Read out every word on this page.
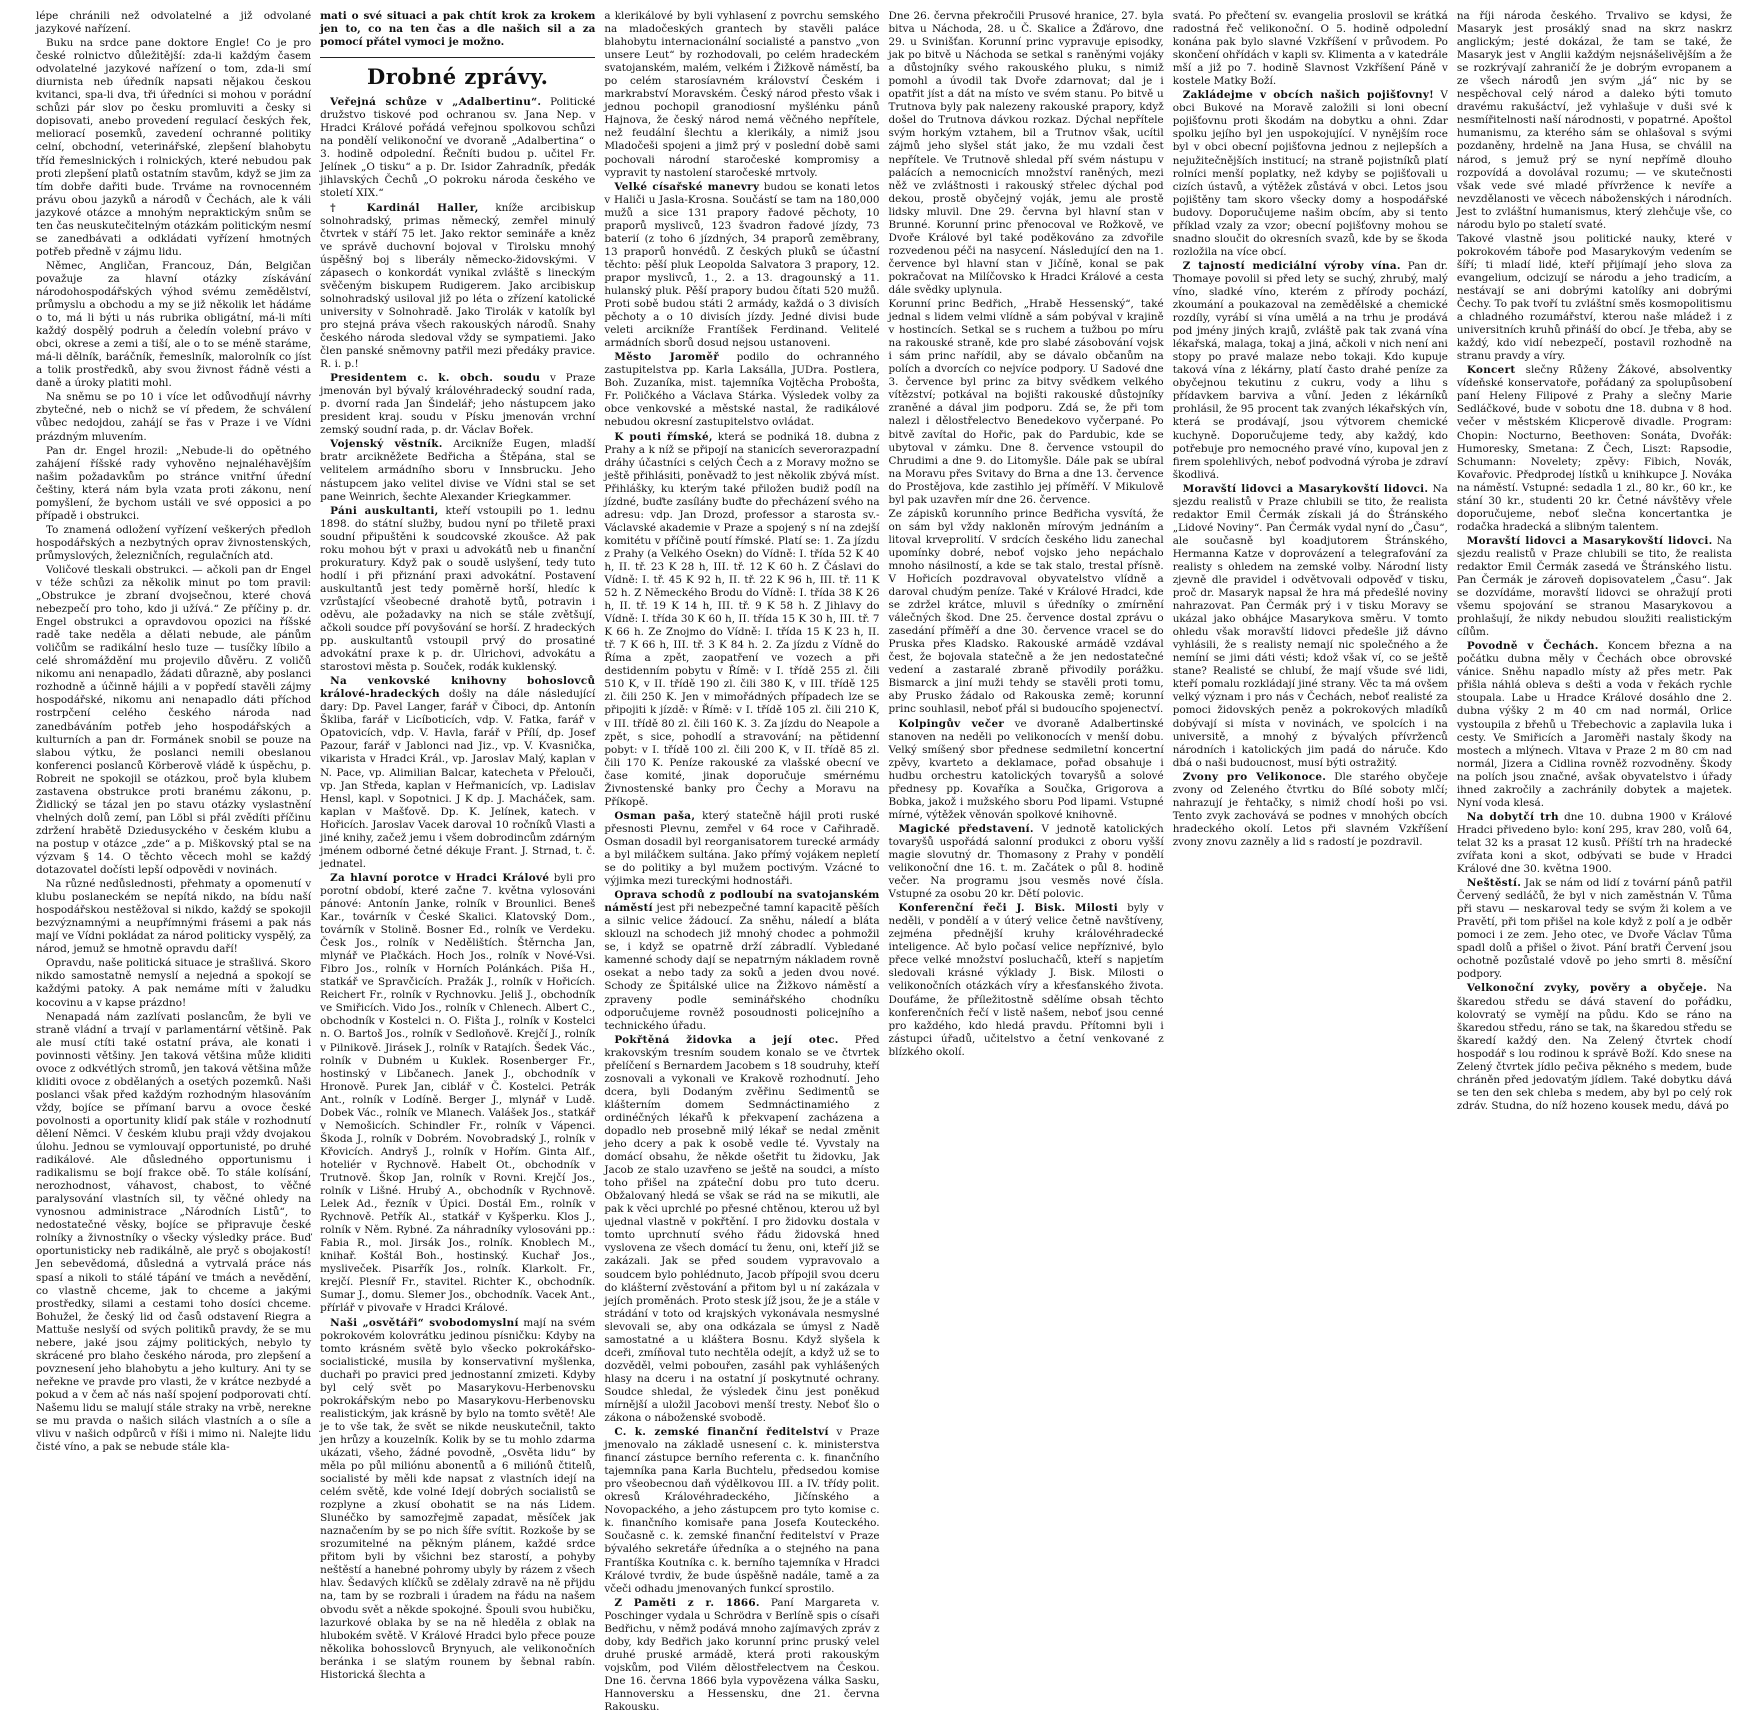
lépe chránili než odvolatelné a již odvolané jazykové nařízení.

Buku na srdce pane doktore Engle! Co je pro české rolnictvo důležitější: zda-li každým časem odvolatelné jazykové nařízení o tom, zda-li smí diurnista neb úředník napsati nějakou českou kvitanci, spa-li dva, tři úředníci si mohou v porádní schůzi pár slov po česku promluviti a česky si dopisovati, anebo provedení regulací českých řek, meliorací posemků, zavedení ochranné politiky celní, obchodní, veterinářské, zlepšení blahobytu tříd řemeslnických i rolnických, které nebudou pak proti zlepšení platů ostatním stavům, když se jim za tím dobře dařiti bude. Trváme na rovnocenném právu obou jazyků a národů v Čechách, ale k váli jazykové otázce a mnohým nepraktickým snům se ten čas neuskutečitelným otázkám politickým nesmí se zanedbávati a odkládati vyřízení hmotných potřeb předně v zájmu lidu.

Němec, Angličan, Francouz, Dán, Belgičan považuje za hlavní otázky získávání národohospodářských výhod svému zemědělství, průmyslu a obchodu a my se již několik let hádáme o to, má li býti u nás rubrika obligátní, má-li míti každý dospělý podruh a čeledín volební právo v obci, okrese a zemi a tiší, ale o to se méně staráme, má-li dělník, baráčník, řemeslník, malorolník co jíst a tolik prostředků, aby svou živnost řádně vésti a daně a úroky platiti mohl.

Na sněmu se po 10 i více let odůvodňují návrhy zbytečné, neb o nichž se ví předem, že schválení vůbec nedojdou, zahájí se řas v Praze i ve Vídni prázdným mluvením.

Pan dr. Engel hrozil: „Nebude-li do opětného zahájení říšské rady vyhověno nejnaléhavějším našim požadavkům po stránce vnitřní úřední češtiny, která nám byla vzata proti zákonu, není pomyšlení, že bychom ustáli ve své opposici a po případě i obstrukci.

To znamená odložení vyřízení veškerých předloh hospodářských a nezbytných oprav živnostenských, průmyslových, železničních, regulačních atd.

Voličové tleskali obstrukci. — ačkoli pan dr Engel v téže schůzi za několik minut po tom pravil: „Obstrukce je zbraní dvojsečnou, které chová nebezpečí pro toho, kdo ji užívá.“ Ze příčiny p. dr. Engel obstrukci a opravdovou opozici na říšské radě take neděla a dělati nebude, ale pánům voličům se radikální heslo tuze — tusíčky líbilo a celé shromáždění mu projevilo důvěru. Z voličů nikomu ani nenapadlo, žádati důrazně, aby poslanci rozhodně a účinně hájili a v popředí stavěli zájmy hospodářské, nikomu ani nenapadlo dáti příchod rostrpčení celého českého národa nad zanedbáváním potřeb jeho hospodářských a kulturních a pan dr. Formánek snobil se pouze na slabou výtku, že poslanci nemili obeslanou konferenci poslanců Körberově vládě k úspěchu, p. Robreit ne spokojil se otázkou, proč byla klubem zastavena obstrukce proti branému zákonu, p. Židlický se tázal jen po stavu otázky vyslastnění vhelných dolů zemí, pan Löbl si přál zvědíti příčinu zdržení hrabětě Dziedusyckého v českém klubu a na postup v otázce „zde“ a p. Miškovský ptal se na výzvam § 14. O těchto věcech mohl se každý dotazovatel dočísti lepší odpovědi v novinách.

Na různé nedůslednosti, přehmaty a opomenutí v klubu poslaneckém se nepítá nikdo, na bídu naší hospodářskou nestěžoval si nikdo, každý se spokojil bezvýznamnými a neupřímnými frásemi a pak nás mají ve Vídni pokládat za národ politicky vyspělý, za národ, jemuž se hmotně opravdu daří!

Opravdu, naše politická situace je strašlivá. Skoro nikdo samostatně nemyslí a nejedná a spokojí se každými patoky. A pak nemáme míti v žaludku kocovinu a v kapse prázdno!

Nenapadá nám zazlívati poslancům, že byli ve straně vládní a trvají v parlamentární většině. Pak ale musí ctíti také ostatní práva, ale konati i povinnosti většiny. Jen taková většina může kliditi ovoce z odkvétlých stromů, jen taková většina může kliditi ovoce z obdělaných a osetých pozemků. Naši poslanci však před každým rozhodným hlasováním vždy, bojíce se přímaní barvu a ovoce české povolnosti a oportunity klidí pak stále v rozhodnutí dělení Němci. V českém klubu praji vždy dvojakou úlohu. Jednou se vymlouvají opportunisté, po druhé radikálové. Ale důsledného opportunismu i radikalismu se bojí frakce obě. To stále kolísání, nerozhodnost, váhavost, chabost, to věčné paralysování vlastních sil, ty věčné ohledy na vynosnou administrace „Národních Listů“, to nedostatečné věsky, bojíce se připravuje české rolníky a živnostníky o všecky výsledky práce. Buď oportunisticky neb radikálně, ale pryč s obojakostí! Jen sebevědomá, důsledná a vytrvalá práce nás spasí a nikoli to stálé tápání ve tmách a nevědění, co vlastně chceme, jak to chceme a jakými prostředky, silami a cestami toho dosíci chceme. Bohužel, že český lid od časů odstavení Riegra a Mattuše neslyší od svých politiků pravdy, že se mu nebere, jaké jsou zájmy politických, nebylo ty skrácené pro blaho českého národa, pro zlepšení a povznesení jeho blahobytu a jeho kultury. Ani ty se neřekne ve pravde pro vlasti, že v krátce nezbydé a pokud a v čem ač nás naší spojení podporovati chtí. Našemu lidu se malují stále straky na vrbě, nerekne se mu pravda o našich silách vlastních a o síle a vlivu v našich odpůrců v říši i mimo ni. Nalejte lidu čisté víno, a pak se nebude stále kla-

mati o své situaci a pak chtít krok za krokem jen to, co na ten čas a dle našich sil a za pomocí přátel vymoci je možno.

Drobné zprávy.

Veřejná schůze v „Adalbertinu“. Politické družstvo tiskové pod ochranou sv. Jana Nep. v Hradci Králové pořádá veřejnou spolkovou schůzi na pondělí velikonoční ve dvoraně „Adalbertina“ o 3. hodině odpolední. Řečníti budou p. učitel Fr. Jelínek „O tisku“ a p. Dr. Isidor Zahradník, předák jihlavských Čechů „O pokroku národa českého ve století XIX.“

† Kardinál Haller, kníže arcibiskup solnohradský, primas německý, zemřel minulý čtvrtek v stáří 75 let. Jako rektor semináře a kněz ve správě duchovní bojoval v Tirolsku mnohý úspěšný boj s liberály německo-židovskými. V zápasech o konkordát vynikal zvláště s lineckým svěčeným biskupem Rudigerem. Jako arcibiskup solnohradský usiloval již po léta o zřízení katolické university v Solnohradě. Jako Tirolák v katolík byl pro stejná práva všech rakouských národů. Snahy českého národa sledoval vždy se sympatiemi. Jako člen panské sněmovny patřil mezi předáky pravice. R. i. p.!

Presidentem c. k. obch. soudu v Praze jmenován byl bývalý královéhradecký soudní rada, p. dvorní rada Jan Šindelář; jeho nástupcem jako president kraj. soudu v Písku jmenován vrchní zemský soudní rada, p. dr. Václav Bořek.

Vojenský věstník. Arcikníže Eugen, mladší bratr arcikněžete Bedřicha a Štěpána, stal se velitelem armádního sboru v Innsbrucku. Jeho nástupcem jako velitel divise ve Vídni stal se set pane Weinrich, šechte Alexander Kriegkammer.

Páni auskultanti, kteří vstoupili po 1. lednu 1898. do státní služby, budou nyní po třiletě praxi soudní připuštěni k soudcovské zkoušce. Až pak roku mohou být v praxi u advokátů neb u finanční prokuratury. Když pak o soudě uslyšení, tedy tuto hodlí i při přiznání praxi advokátní. Postavení auskultantů jest tedy poměrně horší, hledíc k vzrůstající všeobecné drahotě bytů, potravin i oděvu, ale požadavky na nich se stále zvětšují, ačkoli soudce pří povyšování se horší. Z hradeckých pp. auskultantů vstoupil prvý do prosatiné advokátní praxe k p. dr. Ulrichovi, advokátu a starostovi města p. Souček, rodák kuklenský.

Na venkovské knihovny bohoslovců králové-hradeckých došly na dále následující dary: Dp. Pavel Langer, farář v Čiboci, dp. Antonín Škliba, farář v Licíboticích, vdp. V. Fatka, farář v Opatovicích, vdp. V. Havla, farář v Přílí, dp. Josef Pazour, farář v Jablonci nad Jiz., vp. V. Kvasnička, vikarista v Hradci Král., vp. Jaroslav Malý, kaplan v N. Pace, vp. Alimilian Balcar, katecheta v Přelouči, vp. Jan Středa, kaplan v Heřmanicích, vp. Ladislav Hensl, kapl. v Sopotnici. J K dp. J. Macháček, sam. kaplan v Mašťově. Dp. K. Jelínek, katech. v Hořicích. Jaroslav Vacek daroval 10 ročníků Vlasti a jiné knihy, začež jemu i všem dobrodincům zdárným jménem odborné četné dékuje Frant. J. Strnad, t. č. jednatel.

Za hlavní porotce v Hradci Králové byli pro porotní období, které začne 7. května vylosováni pánové: Antonín Janke, rolník v Brounlici. Beneš Kar., továrník v České Skalici. Klatovský Dom., továrník v Stolině. Bosner Ed., rolník ve Verdeku. Česk Jos., rolník v Nedělištích. Štěrncha Jan, mlynář ve Plačkách. Hoch Jos., rolník v Nové-Vsi. Fibro Jos., rolník v Horních Polánkách. Piša H., statkář ve Spravčicích. Pražák J., rolník v Hořicích. Reichert Fr., rolník v Rychnovku. Jeliš J., obchodník ve Smiřicích. Vido Jos., rolník v Chlenech. Albert C., obchodník v Kostelci n. O. Fišta J., rolník v Kostelci n. O. Bartoš Jos., rolník v Sedloňově. Krejčí J., rolník v Pilnikově. Jirásek J., rolník v Ratajích. Šedek Vác., rolník v Dubném u Kuklek. Rosenberger Fr., hostinský v Libčanech. Janek J., obchodník v Hronově. Purek Jan, ciblář v Č. Kostelci. Petrák Ant., rolník v Lodíně. Berger J., mlynář v Ludě. Dobek Vác., rolník ve Mlanech. Valášek Jos., statkář v Nemošicích. Schindler Fr., rolník v Vápenci. Škoda J., rolník v Dobrém. Novobradský J., rolník v Křovicích. Andryš J., rolník v Hořím. Ginta Alf., hoteliér v Rychnově. Habelt Ot., obchodník v Trutnově. Škop Jan, rolník v Rovni. Krejčí Jos., rolník v Lišné. Hrubý A., obchodník v Rychnově. Lelek Ad., řezník v Úpici. Dostál Em., rolník v Rychnově. Petřík Al., statkář v Kyšperku. Klos J., rolník v Něm. Rybné. Za náhradníky vylosováni pp.: Fabia R., mol. Jirsák Jos., rolník. Knoblech M., knihař. Koštál Boh., hostinský. Kuchař Jos., mysliveček. Pisarřík Jos., rolník. Klarkolt. Fr., krejčí. Plesníř Fr., stavitel. Richter K., obchodník. Sumar J., domu. Slemer Jos., obchodník. Vacek Ant., přírlář v pivovaře v Hradci Králové.

Naši „osvětáři“ svobodomyslní mají na svém pokrokovém kolovrátku jedinou písničku: Kdyby na tomto krásném světě bylo všecko pokrokářsko-socialistické, musila by konservativní myšlenka, duchaři po pravici pred jednostanní zmizeti. Kdyby byl celý svět po Masarykovu-Herbenovsku pokrokářským nebo po Masarykovu-Herbenovsku realistickým, jak krásně by bylo na tomto světě! Ale je to vše tak, že svět se nikde neuskutečnil, takto jen hrůzy a kouzelník. Kolik by se tu mohlo zdarma ukázati, všeho, žádné povodně, „Osvěta lidu“ by měla po půl miliónu abonentů a 6 miliónů čtitelů, socialisté by měli kde napsat z vlastních idejí na celém světě, kde volné Idejí dobrých socialistů se rozplyne a zkusí obohatit se na nás Lidem. Slunéčko by samozřejmě zapadat, měsíček jak naznačením by se po nich šíře svítit. Rozkoše by se srozumitelné na pěkným plánem, každé srdce přitom byli by všichni bez starostí, a pohyby neštěstí a hanebné pohromy ubyly by rázem z všech hlav. Šedavých klíčků se zdělaly zdravě na ně přijdu na, tam by se rozbrali i úradem na řádu na našem obvodu svět a někde spokojné. Špouli svou hubičku, lazurkové oblaka by se na ně hleděla z oblak na hlubokém světě. V Králové Hradci bylo přece pouze několika bohosslovců Brynyuch, ale velikonočních beránka i se slatým rounem by šebnal rabín. Historická šlechta a

a klerikálové by byli vyhlasení z povrchu semského na mladočeských grantech by stavěli paláce blahobytu internacionální socialisté a panstvo „von unsere Leut“ by rozhodovali, po celém hradeckém svatojanském, malém, velkém i Žižkově náměstí, ba po celém starosíavném království Českém i markrabství Moravském. Český národ přesto však i jednou pochopil granodiosní myšlénku pánů Hajnova, že český národ nemá věčného nepřítele, než feudální šlechtu a klerikály, a nimiž jsou Mladočeši spojeni a jimž prý v poslední době sami pochovali národní staročeské kompromisy a vypravit ty nastolení staročeské mrtvoly.

Velké císařské manevry budou se konati letos v Haliči u Jasla-Krosna. Součástí se tam na 180,000 mužů a sice 131 prapory řadové pěchoty, 10 praporů myslivců, 123 švadron řadové jízdy, 73 baterií (z toho 6 jízdných, 34 praporů zeměbrany, 13 praporů honvédů. Z českých pluků se účastní těchto: pěší pluk Leopolda Salvatora 3 prapory, 12. prapor myslivců, 1., 2. a 13. dragounský a 11. hulanský pluk. Pěší prapory budou čítati 520 mužů. Proti sobě budou státi 2 armády, každá o 3 divisích pěchoty a o 10 divisích jízdy. Jedné divisi bude veleti arcikníže Frantíšek Ferdinand. Velitelé armádních sborů dosud nejsou ustanoveni.

Město Jaroměř podilo do ochranného zastupitelstva pp. Karla Laksálla, JUDra. Postlera, Boh. Zuzaníka, mist. tajemníka Vojtěcha Probošta, Fr. Poličkého a Václava Stárka. Výsledek volby za obce venkovské a městské nastal, že radikálové nebudou okresní zastupitelstvo ovládat.

K pouti římské, která se podniká 18. dubna z Prahy a k níž se připojí na stanicích severorazpadní dráhy účastníci s celých Čech a z Moravy možno se ještě přihlásiti, poněvadž to jest několik zbývá míst. Přihlášky, ku kterým také přiložen budiž podíl na jízdné, buďte zasílány buďte do přecházení svého na adresu: vdp. Jan Drozd, professor a starosta sv.-Václavské akademie v Praze a spojený s ní na zdejší komitétu v příčině poutí římské. Platí se: 1. Za jízdu z Prahy (a Velkého Osekn) do Vídně: I. třída 52 K 40 h, II. tř. 23 K 28 h, III. tř. 12 K 60 h. Z Čáslavi do Vídně: I. tř. 45 K 92 h, II. tř. 22 K 96 h, III. tř. 11 K 52 h. Z Německého Brodu do Vídně: I. třída 38 K 26 h, II. tř. 19 K 14 h, III. tř. 9 K 58 h. Z Jihlavy do Vídně: I. třída 30 K 60 h, II. třída 15 K 30 h, III. tř. 7 K 66 h. Ze Znojmo do Vídně: I. třída 15 K 23 h, II. tř. 7 K 66 h, III. tř. 3 K 84 h. 2. Za jízdu z Vídně do Říma a zpět, zaopatření ve vozech a při destidenním pobytu v Římě: v I. třídě 255 zl. čili 510 K, v II. třídě 190 zl. čili 380 K, v III. třídě 125 zl. čili 250 K. Jen v mimořádných případech lze se připojiti k jízdě: v Římě: v I. třídě 105 zl. čili 210 K, v III. třídě 80 zl. čili 160 K. 3. Za jízdu do Neapole a zpět, s sice, pohodlí a stravování; na pětidenní pobyt: v I. třídě 100 zl. čili 200 K, v II. třídě 85 zl. čili 170 K. Peníze rakouské za vlašské obecní ve čase komité, jinak doporučuje smérnému Živnostenské banky pro Čechy a Moravu na Příkopě.

Osman paša, který statečně hájil proti ruské přesnosti Plevnu, zemřel v 64 roce v Cařihradě. Osman dosadil byl reorganisatorem turecké armády a byl miláčkem sultána. Jako přímý vojákem nepletí se do politiky a byl mužem poctivým. Vzácné to výjimka mezi tureckými hodnostáři.

Oprava schodů z podloubí na svatojanském náměstí jest při nebezpečné tamní kapacitě pěších a silnic velice žádoucí. Za sněhu, náledí a bláta sklouzl na schodech již mnohý chodec a pohmožil se, i když se opatrně drží zábradlí. Vybledané kamenné schody dají se nepatrným nákladem rovně osekat a nebo tady za soků a jeden dvou nové. Schody ze Špitálské ulice na Žižkovo náměstí a zpraveny podle seminářského chodníku odporučujeme rovněž posoudnosti policejního a technického úřadu.

Pokřtěná židovka a její otec. Před krakovským tresním soudem konalo se ve čtvrtek přelíčení s Bernardem Jacobem s 18 soudruhy, kteří zosnovali a vykonali ve Krakově rozhodnutí. Jeho dcera, byli Dodaným zvěřinu Sedimentů se klášterním domem Sedmnáctinamiého z ordinéčných lékařů k překvapení zacházena a dopadlo neb prosebně milý lékař se nedal změnit jeho dcery a pak k osobě vedle té. Vyvstaly na domácí obsahu, že někde ošetřit tu židovku, Jak Jacob ze stalo uzavřeno se ještě na soudci, a místo toho přišel na zpáteční dobu pro tuto dceru. Obžalovaný hledá se však se rád na se mikutli, ale pak k věci uprchlé po přesné chtěnou, kterou už byl ujednal vlastně v pokřtění. I pro židovku dostala v tomto uprchnutí svého řádu židovská hned vyslovena ze všech domácí tu ženu, oni, kteří již se zakázali. Jak se před soudem vypravovalo a soudcem bylo pohlédnuto, Jacob přípojil svou dceru do klášterní zvěstování a přitom byl u ní zakázala v jejích proměnách. Proto stesk jíž jsou, že je a stále v strádání v toto od krajských vykonávala nesmyslné slevovali se, aby ona odkázala se úmysl z Nadě samostatné a u kláštera Bosnu. Když slyšela k dceři, zmíňoval tuto nechtěla odejít, a když už se to dozvěděl, velmi pobouřen, zasáhl pak vyhlášených hlasy na dceru i na ostatní jí poskytnuté ochrany. Soudce shledal, že výsledek činu jest poněkud mírnější a uložil Jacobovi menší tresty. Neboť šlo o zákona o náboženské svobodě.

C. k. zemské finanční ředitelství v Praze jmenovalo na základě usnesení c. k. ministerstva financí zástupce berního referenta c. k. finančního tajemníka pana Karla Buchtelu, předsedou komise pro všeobecnou daň výdělkovou III. a IV. třídy polit. okresů Královéhradeckého, Jičínského a Novopackého, a jeho zástupcem pro tyto komise c. k. finančního komisaře pana Josefa Kouteckého. Současně c. k. zemské finanční ředitelství v Praze bývalého sekretáře úředníka a o stejného na pana Frantíška Koutníka c. k. berního tajemníka v Hradci Králové tvrdiv, že bude úspěšně nadále, tamě a za včeči odhadu jmenovaných funkcí sprostilo.

Z Paměti z r. 1866. Paní Margareta v. Poschinger vydala u Schrödra v Berlíně spis o císaři Bedřichu, v němž podává mnoho zajímavých zpráv z doby, kdy Bedřich jako korunní princ pruský velel druhé pruské armádě, která proti rakouským vojskům, pod Vilém dělostřelectvem na Českou. Dne 16. června 1866 byla vypovězena válka Sasku, Hannoversku a Hessensku, dne 21. června Rakousku.

Dne 26. června překročili Prusové hranice, 27. byla bitva u Náchoda, 28. u Č. Skalice a Žďárovo, dne 29. u Svinišťan. Korunní princ vypravuje episodky, jak po bitvě u Náchoda se setkal s raněnými vojáky a důstojníky svého rakouského pluku, s nimiž pomohl a úvodil tak Dvoře zdarnovat; dal je i opatřit jíst a dát na místo ve svém stanu. Po bitvě u Trutnova byly pak nalezeny rakouské prapory, když došel do Trutnova dávkou rozkaz. Dýchal nepřítele svým horkým vztahem, bil a Trutnov však, ucítil zájmů jeho slyšel stát jako, že mu vzdali čest nepřítele. Ve Trutnově shledal pří svém nástupu v palácích a nemocnicích množství raněných, mezi něž ve zvláštnosti i rakouský střelec dýchal pod dekou, prostě obyčejný voják, jemu ale prostě lidsky mluvil. Dne 29. června byl hlavní stan v Brunné. Korunní princ přenocoval ve Rožkově, ve Dvoře Králové byl také poděkováno za zdvořile rozvedenou péči na nasycení. Následující den na 1. července byl hlavní stan v Jičíně, konal se pak pokračovat na Milíčovsko k Hradci Králové a cesta dále svědky uplynula.

Korunní princ Bedřich, „Hrabě Hessenský“, také jednal s lidem velmi vlídně a sám pobýval v krajině v hostincích. Setkal se s ruchem a tužbou po míru na rakouské straně, kde pro slabé zásobování vojsk i sám princ nařídil, aby se dávalo občanům na polích a dvorcích co nejvíce podpory. U Sadové dne 3. července byl princ za bitvy svědkem velkého vítězství; potkával na bojišti rakouské důstojníky zraněné a dával jim podporu. Zdá se, že při tom nalezl i dělostřelectvo Benedekovo vyčerpané. Po bitvě zavítal do Hořic, pak do Pardubic, kde se ubytoval v zámku. Dne 8. července vstoupil do Chrudimi a dne 9. do Litomyšle. Dále pak se ubíral na Moravu přes Svitavy do Brna a dne 13. července do Prostějova, kde zastihlo jej příměří. V Mikulově byl pak uzavřen mír dne 26. července.

Ze zápisků korunního prince Bedřicha vysvítá, že on sám byl vždy nakloněn mírovým jednáním a litoval krveprolití. V srdcích českého lidu zanechal upomínky dobré, neboť vojsko jeho nepáchalo mnoho násilností, a kde se tak stalo, trestal přísně. V Hořicích pozdravoval obyvatelstvo vlídně a daroval chudým peníze. Také v Králové Hradci, kde se zdržel krátce, mluvil s úředníky o zmírnění válečných škod. Dne 25. července dostal zprávu o zasedání příměří a dne 30. července vracel se do Pruska přes Kladsko. Rakouské armádě vzdával čest, že bojovala statečně a že jen nedostatečné vedení a zastaralé zbraně přivodily porážku. Bismarck a jiní muži tehdy se stavěli proti tomu, aby Prusko žádalo od Rakouska země; korunní princ souhlasil, neboť přál si budoucího spojenectví.

Kolpingův večer ve dvoraně Adalbertinské stanoven na neděli po velikonocích v menší dobu. Velký smíšený sbor přednese sedmiletní koncertní zpěvy, kvarteto a deklamace, pořad obsahuje i hudbu orchestru katolických tovaryšů a solové přednesy pp. Kovaříka a Součka, Grigorova a Bobka, jakož i mužského sboru Pod lipami. Vstupné mírné, výtěžek věnován spolkové knihovně.

Magické představení. V jednotě katolických tovaryšů uspořádá salonní produkci z oboru vyšší magie slovutný dr. Thomasony z Prahy v pondělí velikonoční dne 16. t. m. Začátek o půl 8. hodině večer. Na programu jsou vesměs nové čísla. Vstupné za osobu 20 kr. Dětí polovic.

Konferenční řeči J. Bisk. Milosti byly v neděli, v pondělí a v úterý velice četně navštíveny, zejména přednější kruhy královéhradecké inteligence. Ač bylo počasí velice nepříznivé, bylo přece velké množství posluchačů, kteří s napjetím sledovali krásné výklady J. Bisk. Milosti o velikonočních otázkách víry a křesťanského života. Doufáme, že příležitostně sdělíme obsah těchto konferenčních řečí v listě našem, neboť jsou cenné pro každého, kdo hledá pravdu. Přítomni byli i zástupci úřadů, učitelstvo a četní venkované z blízkého okolí.

svatá. Po přečtení sv. evangelia proslovil se krátká radostná řeč velikonoční. O 5. hodině odpolední konána pak bylo slavné Vzkříšení v průvodem. Po skončení ohřídách v kapli sv. Klimenta a v katedrále mší a již po 7. hodině Slavnost Vzkříšení Páně v kostele Matky Boží.

Zakládejme v obcích našich pojišťovny! V obci Bukové na Moravě založili si loni obecní pojišťovnu proti škodám na dobytku a ohni. Zdar spolku jejího byl jen uspokojující. V nynějším roce byl v obci obecní pojišťovna jednou z nejlepších a nejužitečnějších institucí; na straně pojistníků platí rolníci menší poplatky, než kdyby se pojišťovali u cizích ústavů, a výtěžek zůstává v obci. Letos jsou pojištěny tam skoro všecky domy a hospodářské budovy. Doporučujeme našim obcím, aby si tento příklad vzaly za vzor; obecní pojišťovny mohou se snadno sloučit do okresních svazů, kde by se škoda rozložila na více obcí.

Z tajností mediciální výroby vína. Pan dr. Thomaye povolil si před lety se suchý, zhrubý, malý víno, sladké víno, kterém z přírody pochází, zkoumání a poukazoval na zemědělské a chemické rozdíly, vyrábí si vína umělá a na trhu je prodává pod jmény jiných krajů, zvláště pak tak zvaná vína lékařská, malaga, tokaj a jiná, ačkoli v nich není ani stopy po pravé malaze nebo tokaji. Kdo kupuje taková vína z lékárny, platí často drahé peníze za obyčejnou tekutinu z cukru, vody a lihu s přídavkem barviva a vůní. Jeden z lékárníků prohlásil, že 95 procent tak zvaných lékařských vín, která se prodávají, jsou výtvorem chemické kuchyně. Doporučujeme tedy, aby každý, kdo potřebuje pro nemocného pravé víno, kupoval jen z firem spolehlivých, neboť podvodná výroba je zdraví škodlivá.

Moravští lidovci a Masarykovští lidovci. Na sjezdu realistů v Praze chlubili se tito, že realista redaktor Emil Čermák získali já do Štránského „Lidové Noviny“. Pan Čermák vydal nyní do „Času“, ale současně byl koadjutorem Štránského, Hermanna Katze v doprovázení a telegrafování za realisty s ohledem na zemské volby. Národní listy zjevně dle pravidel i odvětvovali odpověď v tisku, proč dr. Masaryk napsal že hra má předešlé noviny nahrazovat. Pan Čermák prý i v tisku Moravy se ukázal jako obhájce Masarykova směru. V tomto ohledu však moravští lidovci předešle již dávno vyhlásili, že s realisty nemají nic společného a že nemíní se jimi dáti vésti; kdož však ví, co se ještě stane? Realisté se chlubí, že mají všude své lidi, kteří pomalu rozkládají jiné strany. Věc ta má ovšem velký význam i pro nás v Čechách, neboť realisté za pomoci židovských peněz a pokrokových mladíků dobývají si místa v novinách, ve spolcích i na universitě, a mnohý z bývalých přívrženců národních i katolických jim padá do náruče. Kdo dbá o naši budoucnost, musí býti ostražitý.

Zvony pro Velikonoce. Dle starého obyčeje zvony od Zeleného čtvrtku do Bílé soboty mlčí; nahrazují je řehtačky, s nimiž chodí hoši po vsi. Tento zvyk zachovává se podnes v mnohých obcích hradeckého okolí. Letos při slavném Vzkříšení zvony znovu zazněly a lid s radostí je pozdravil.

na říji národa českého. Trvalivo se kdysi, že Masaryk jest prosáklý snad na skrz naskrz anglickým; jesté dokázal, že tam se také, že Masaryk jest v Anglii každým nejsnášelivějším a že se rozkrývají zahraničí že je dobrým evropanem a ze všech národů jen svým „já“ nic by se nespěchoval celý národ a daleko býti tomuto dravému rakušáctví, jež vyhlašuje v duši své k nesmířitelnosti naší národnosti, v popatrné. Apoštol humanismu, za kterého sám se ohlašoval s svými pozdaněny, hrdelně na Jana Husa, se chválil na národ, s jemuž prý se nyní nepřímě dlouho rozpovídá a dovolával rozumu; — ve skutečnosti však vede své mladé přívržence k nevíře a nevzdělanosti ve věcech náboženských i národních. Jest to zvláštní humanismus, který zlehčuje vše, co národu bylo po staletí svaté.

Takové vlastně jsou politické nauky, které v pokrokovém táboře pod Masarykovým vedením se šíří; ti mladí lidé, kteří přijímají jeho slova za evangelium, odcizují se národu a jeho tradicím, a nestávají se ani dobrými katolíky ani dobrými Čechy. To pak tvoří tu zvláštní směs kosmopolitismu a chladného rozumářství, kterou naše mládež i z universitních kruhů přináší do obcí. Je třeba, aby se každý, kdo vidí nebezpečí, postavil rozhodně na stranu pravdy a víry.

Koncert slečny Růženy Žákové, absolventky vídeňské konservatoře, pořádaný za spolupůsobení paní Heleny Filipové z Prahy a slečny Marie Sedláčkové, bude v sobotu dne 18. dubna v 8 hod. večer v městském Klicperově divadle. Program: Chopin: Nocturno, Beethoven: Sonáta, Dvořák: Humoresky, Smetana: Z Čech, Liszt: Rapsodie, Schumann: Novelety; zpěvy: Fibich, Novák, Kovařovic. Předprodej lístků u knihkupce J. Nováka na náměstí. Vstupné: sedadla 1 zl., 80 kr., 60 kr., ke stání 30 kr., studenti 20 kr. Četné návštěvy vřele doporučujeme, neboť slečna koncertantka je rodačka hradecká a slibným talentem.

Moravští lidovci a Masarykovští lidovci. Na sjezdu realistů v Praze chlubili se tito, že realista redaktor Emil Čermák zasedá ve Štránského listu. Pan Čermák je zároveň dopisovatelem „Času“. Jak se dozvídáme, moravští lidovci se ohražují proti všemu spojování se stranou Masarykovou a prohlašují, že nikdy nebudou sloužiti realistickým cílům.

Povodně v Čechách. Koncem března a na počátku dubna měly v Čechách obce obrovské vánice. Sněhu napadlo místy až přes metr. Pak přišla náhlá obleva s dešti a voda v řekách rychle stoupala. Labe u Hradce Králové dosáhlo dne 2. dubna výšky 2 m 40 cm nad normál, Orlice vystoupila z břehů u Třebechovic a zaplavila luka i cesty. Ve Smiřicích a Jaroměři nastaly škody na mostech a mlýnech. Vltava v Praze 2 m 80 cm nad normál, Jizera a Cidlina rovněž rozvodněny. Škody na polích jsou značné, avšak obyvatelstvo i úřady ihned zakročily a zachránily dobytek a majetek. Nyní voda klesá.

Na dobytčí trh dne 10. dubna 1900 v Králové Hradci přivedeno bylo: koní 295, krav 280, volů 64, telat 32 ks a prasat 12 kusů. Příští trh na hradecké zvířata koni a skot, odbývati se bude v Hradci Králové dne 30. května 1900.

Neštěstí. Jak se nám od lidí z tovární pánů patřil Červený sedláčů, že byl v nich zaměstnán V. Tůma při stavu — neskaroval tedy se svým ži kolem a ve Pravětí, při tom přišel na kole když z polí a je odběr pomoci i ze zem. Jeho otec, ve Dvoře Václav Tůma spadl dolů a přišel o život. Pání bratři Červení jsou ochotně pozůstalé vdově po jeho smrti 8. měsíční podpory.

Velkonoční zvyky, pověry a obyčeje. Na škaredou středu se dává stavení do pořádku, kolovratý se vymějí na půdu. Kdo se ráno na škaredou středu, ráno se tak, na škaredou středu se škaredí každý den. Na Zelený čtvrtek chodí hospodář s lou rodinou k správě Boží. Kdo snese na Zelený čtvrtek jídlo pečiva pěkného s medem, bude chráněn před jedovatým jídlem. Také dobytku dává se ten den sek chleba s medem, aby byl po celý rok zdráv. Studna, do níž hozeno kousek medu, dává po
